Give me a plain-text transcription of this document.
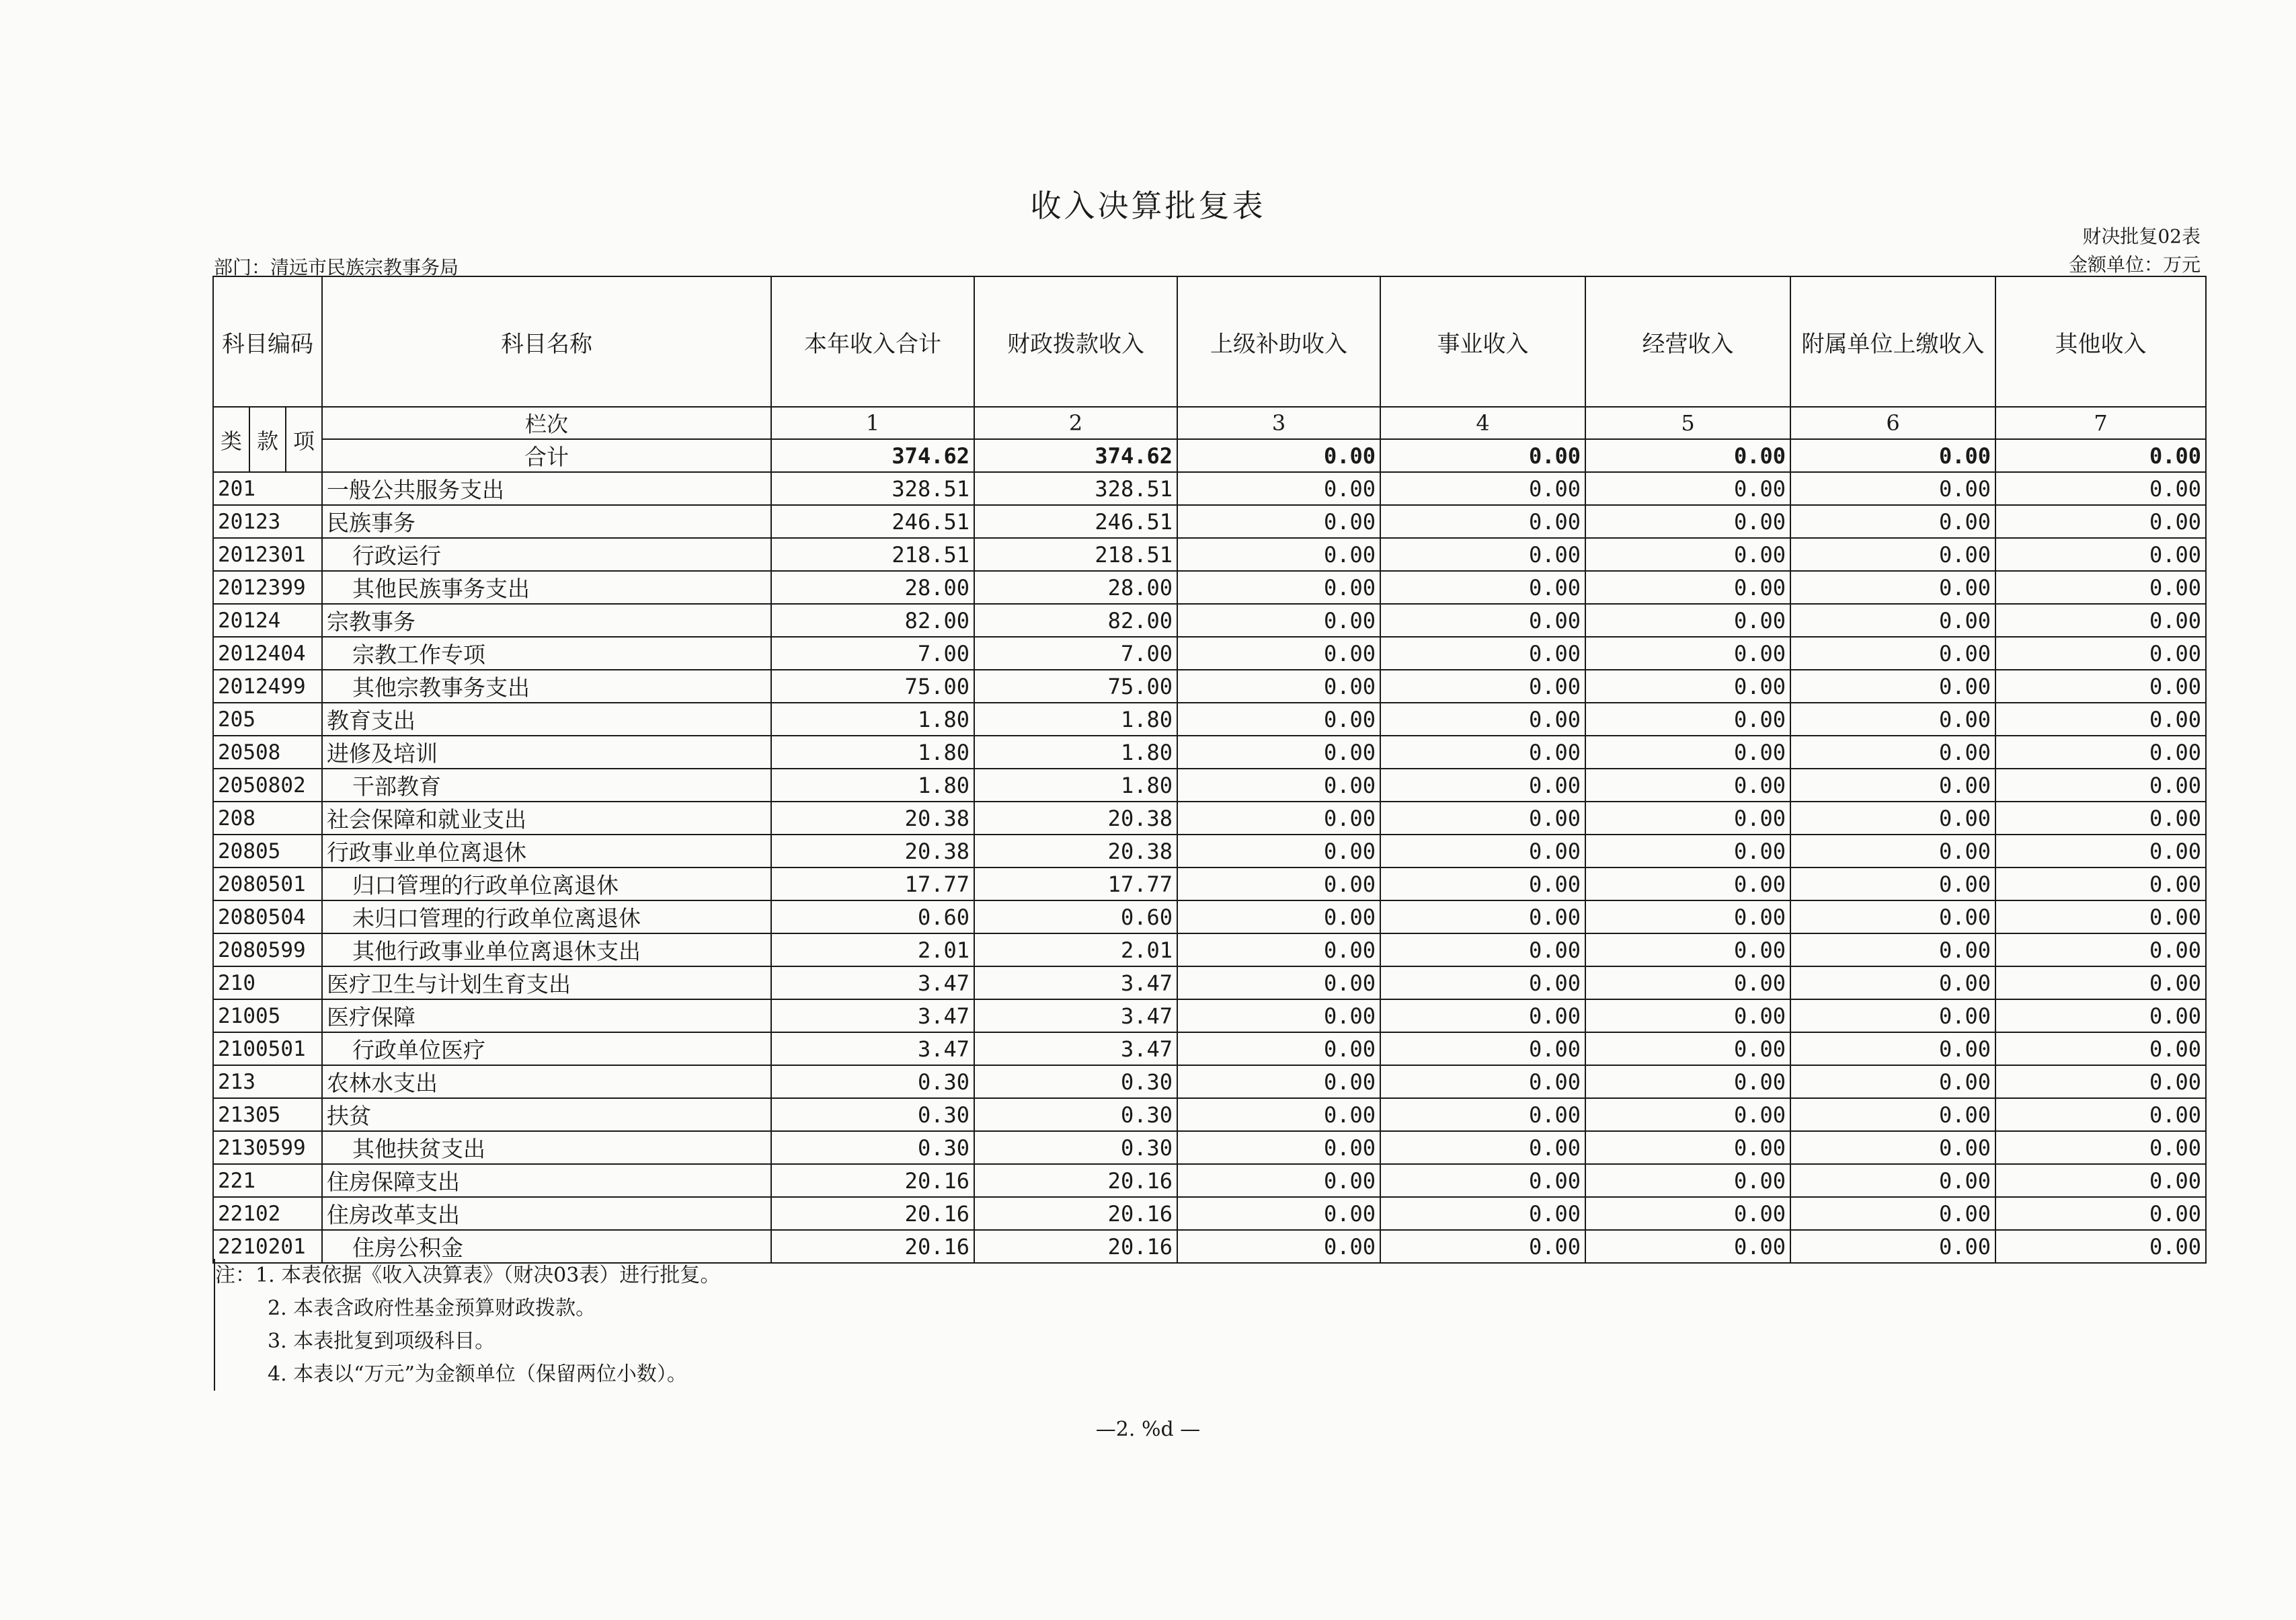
收入决算批复表
财决批复02表
部门：清远市民族宗教事务局	金额单位：万元
科目编码			科目名称	本年收入合计	财政拨款收入	上级补助收入	事业收入	经营收入	附属单位上缴收入	其他收入
类	款	项	栏次	1	2	3	4	5	6	7
			合计	374.62	374.62	0.00	0.00	0.00	0.00	0.00
201			一般公共服务支出	328.51	328.51	0.00	0.00	0.00	0.00	0.00
20123			民族事务	246.51	246.51	0.00	0.00	0.00	0.00	0.00
2012301			行政运行	218.51	218.51	0.00	0.00	0.00	0.00	0.00
2012399			其他民族事务支出	28.00	28.00	0.00	0.00	0.00	0.00	0.00
20124			宗教事务	82.00	82.00	0.00	0.00	0.00	0.00	0.00
2012404			宗教工作专项	7.00	7.00	0.00	0.00	0.00	0.00	0.00
2012499			其他宗教事务支出	75.00	75.00	0.00	0.00	0.00	0.00	0.00
205			教育支出	1.80	1.80	0.00	0.00	0.00	0.00	0.00
20508			进修及培训	1.80	1.80	0.00	0.00	0.00	0.00	0.00
2050802			干部教育	1.80	1.80	0.00	0.00	0.00	0.00	0.00
208			社会保障和就业支出	20.38	20.38	0.00	0.00	0.00	0.00	0.00
20805			行政事业单位离退休	20.38	20.38	0.00	0.00	0.00	0.00	0.00
2080501			归口管理的行政单位离退休	17.77	17.77	0.00	0.00	0.00	0.00	0.00
2080504			未归口管理的行政单位离退休	0.60	0.60	0.00	0.00	0.00	0.00	0.00
2080599			其他行政事业单位离退休支出	2.01	2.01	0.00	0.00	0.00	0.00	0.00
210			医疗卫生与计划生育支出	3.47	3.47	0.00	0.00	0.00	0.00	0.00
21005			医疗保障	3.47	3.47	0.00	0.00	0.00	0.00	0.00
2100501			行政单位医疗	3.47	3.47	0.00	0.00	0.00	0.00	0.00
213			农林水支出	0.30	0.30	0.00	0.00	0.00	0.00	0.00
21305			扶贫	0.30	0.30	0.00	0.00	0.00	0.00	0.00
2130599			其他扶贫支出	0.30	0.30	0.00	0.00	0.00	0.00	0.00
221			住房保障支出	20.16	20.16	0.00	0.00	0.00	0.00	0.00
22102			住房改革支出	20.16	20.16	0.00	0.00	0.00	0.00	0.00
2210201			住房公积金	20.16	20.16	0.00	0.00	0.00	0.00	0.00
注：1. 本表依据《收入决算表》（财决03表）进行批复。
2. 本表含政府性基金预算财政拨款。
3. 本表批复到项级科目。
4. 本表以“万元”为金额单位（保留两位小数）。
—2. %d —
